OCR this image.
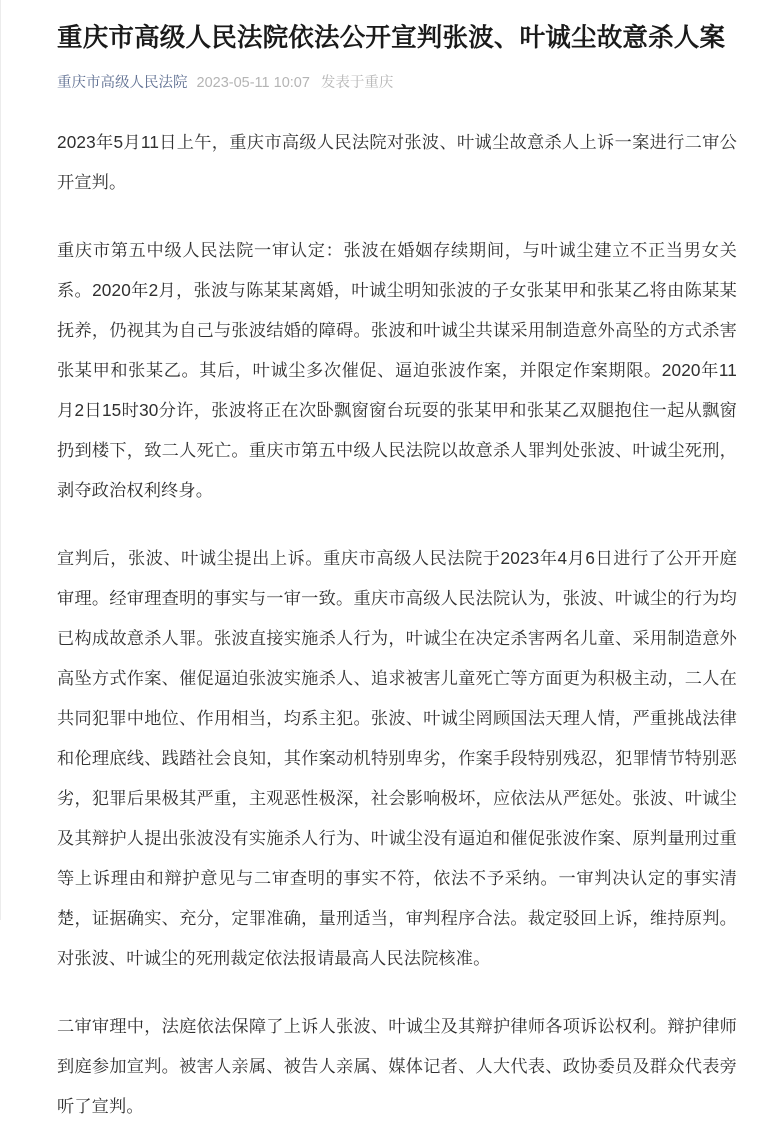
重庆市高级人民法院依法公开宣判张波、叶诚尘故意杀人案
重庆市高级人民法院 2023-05-11 10:07 发表于重庆

2023年5月11日上午，重庆市高级人民法院对张波、叶诚尘故意杀人上诉一案进行二审公开宣判。

重庆市第五中级人民法院一审认定：张波在婚姻存续期间，与叶诚尘建立不正当男女关系。2020年2月，张波与陈某某离婚，叶诚尘明知张波的子女张某甲和张某乙将由陈某某抚养，仍视其为自己与张波结婚的障碍。张波和叶诚尘共谋采用制造意外高坠的方式杀害张某甲和张某乙。其后，叶诚尘多次催促、逼迫张波作案，并限定作案期限。2020年11月2日15时30分许，张波将正在次卧飘窗窗台玩耍的张某甲和张某乙双腿抱住一起从飘窗扔到楼下，致二人死亡。重庆市第五中级人民法院以故意杀人罪判处张波、叶诚尘死刑，剥夺政治权利终身。

宣判后，张波、叶诚尘提出上诉。重庆市高级人民法院于2023年4月6日进行了公开开庭审理。经审理查明的事实与一审一致。重庆市高级人民法院认为，张波、叶诚尘的行为均已构成故意杀人罪。张波直接实施杀人行为，叶诚尘在决定杀害两名儿童、采用制造意外高坠方式作案、催促逼迫张波实施杀人、追求被害儿童死亡等方面更为积极主动，二人在共同犯罪中地位、作用相当，均系主犯。张波、叶诚尘罔顾国法天理人情，严重挑战法律和伦理底线、践踏社会良知，其作案动机特别卑劣，作案手段特别残忍，犯罪情节特别恶劣，犯罪后果极其严重，主观恶性极深，社会影响极坏，应依法从严惩处。张波、叶诚尘及其辩护人提出张波没有实施杀人行为、叶诚尘没有逼迫和催促张波作案、原判量刑过重等上诉理由和辩护意见与二审查明的事实不符，依法不予采纳。一审判决认定的事实清楚，证据确实、充分，定罪准确，量刑适当，审判程序合法。裁定驳回上诉，维持原判。对张波、叶诚尘的死刑裁定依法报请最高人民法院核准。

二审审理中，法庭依法保障了上诉人张波、叶诚尘及其辩护律师各项诉讼权利。辩护律师到庭参加宣判。被害人亲属、被告人亲属、媒体记者、人大代表、政协委员及群众代表旁听了宣判。
